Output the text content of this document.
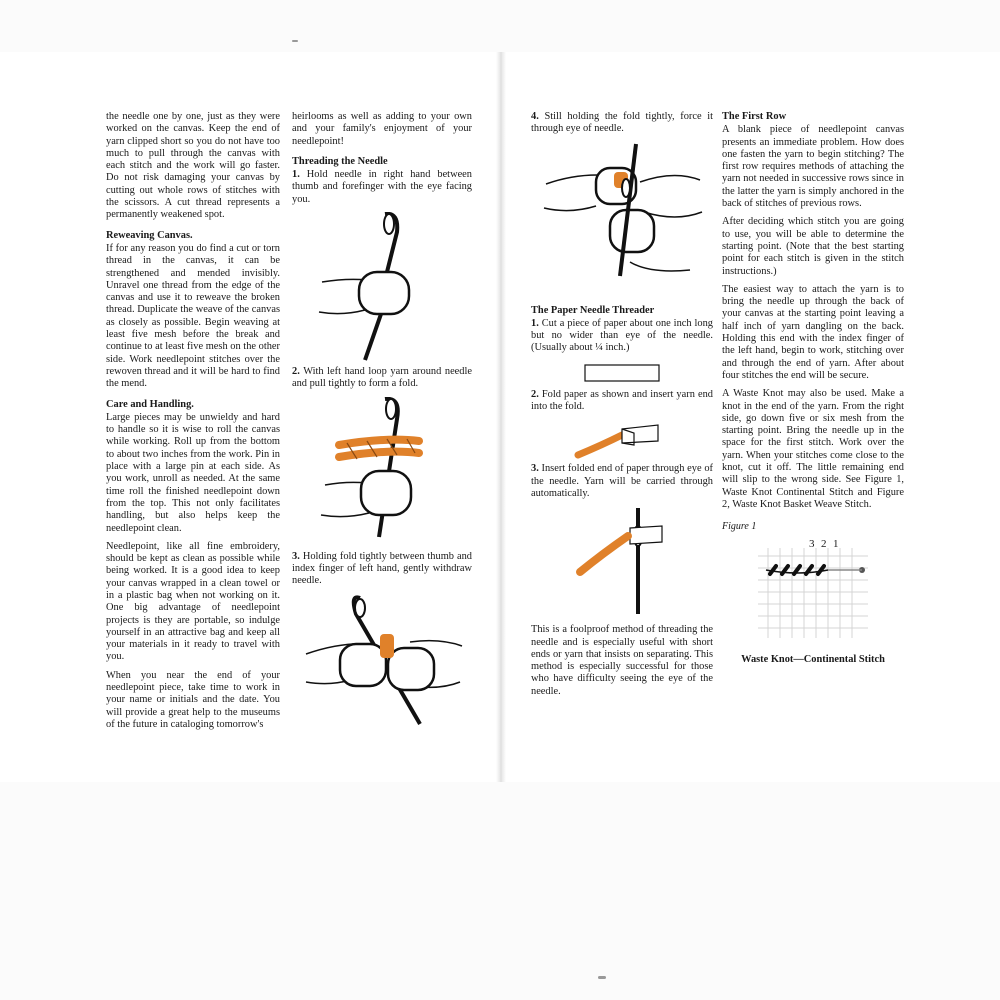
the needle one by one, just as they were worked on the canvas. Keep the end of yarn clipped short so you do not have too much to pull through the canvas with each stitch and the work will go faster. Do not risk damaging your canvas by cutting out whole rows of stitches with the scissors. A cut thread represents a permanently weakened spot.

Reweaving Canvas.

If for any reason you do find a cut or torn thread in the canvas, it can be strengthened and mended invisibly. Unravel one thread from the edge of the canvas and use it to reweave the broken thread. Duplicate the weave of the canvas as closely as possible. Begin weaving at least five mesh before the break and continue to at least five mesh on the other side. Work needlepoint stitches over the rewoven thread and it will be hard to find the mend.

Care and Handling.

Large pieces may be unwieldy and hard to handle so it is wise to roll the canvas while working. Roll up from the bottom to about two inches from the work. Pin in place with a large pin at each side. As you work, unroll as needed. At the same time roll the finished needlepoint down from the top. This not only facilitates handling, but also helps keep the needlepoint clean.

Needlepoint, like all fine embroidery, should be kept as clean as possible while being worked. It is a good idea to keep your canvas wrapped in a clean towel or in a plastic bag when not working on it. One big advantage of needlepoint projects is they are portable, so indulge yourself in an attractive bag and keep all your materials in it ready to travel with you.

When you near the end of your needlepoint piece, take time to work in your name or initials and the date. You will provide a great help to the museums of the future in cataloging tomorrow's

heirlooms as well as adding to your own and your family's enjoyment of your needlepoint!

Threading the Needle

1. Hold needle in right hand between thumb and forefinger with the eye facing you.

2. With left hand loop yarn around needle and pull tightly to form a fold.

3. Holding fold tightly between thumb and index finger of left hand, gently withdraw needle.

4. Still holding the fold tightly, force it through eye of needle.

The Paper Needle Threader

1. Cut a piece of paper about one inch long but no wider than eye of the needle. (Usually about ¼ inch.)

2. Fold paper as shown and insert yarn end into the fold.

3. Insert folded end of paper through eye of the needle. Yarn will be carried through automatically.

This is a foolproof method of threading the needle and is especially useful with short ends or yarn that insists on separating. This method is especially successful for those who have difficulty seeing the eye of the needle.

The First Row

A blank piece of needlepoint canvas presents an immediate problem. How does one fasten the yarn to begin stitching? The first row requires methods of attaching the yarn not needed in successive rows since in the latter the yarn is simply anchored in the back of stitches of previous rows.

After deciding which stitch you are going to use, you will be able to determine the starting point. (Note that the best starting point for each stitch is given in the stitch instructions.)

The easiest way to attach the yarn is to bring the needle up through the back of your canvas at the starting point leaving a half inch of yarn dangling on the back. Holding this end with the index finger of the left hand, begin to work, stitching over and through the end of yarn. After about four stitches the end will be secure.

A Waste Knot may also be used. Make a knot in the end of the yarn. From the right side, go down five or six mesh from the starting point. Bring the needle up in the space for the first stitch. Work over the yarn. When your stitches come close to the knot, cut it off. The little remaining end will slip to the wrong side. See Figure 1, Waste Knot Continental Stitch and Figure 2, Waste Knot Basket Weave Stitch.

Figure 1
3 2 1
Waste Knot—Continental Stitch
